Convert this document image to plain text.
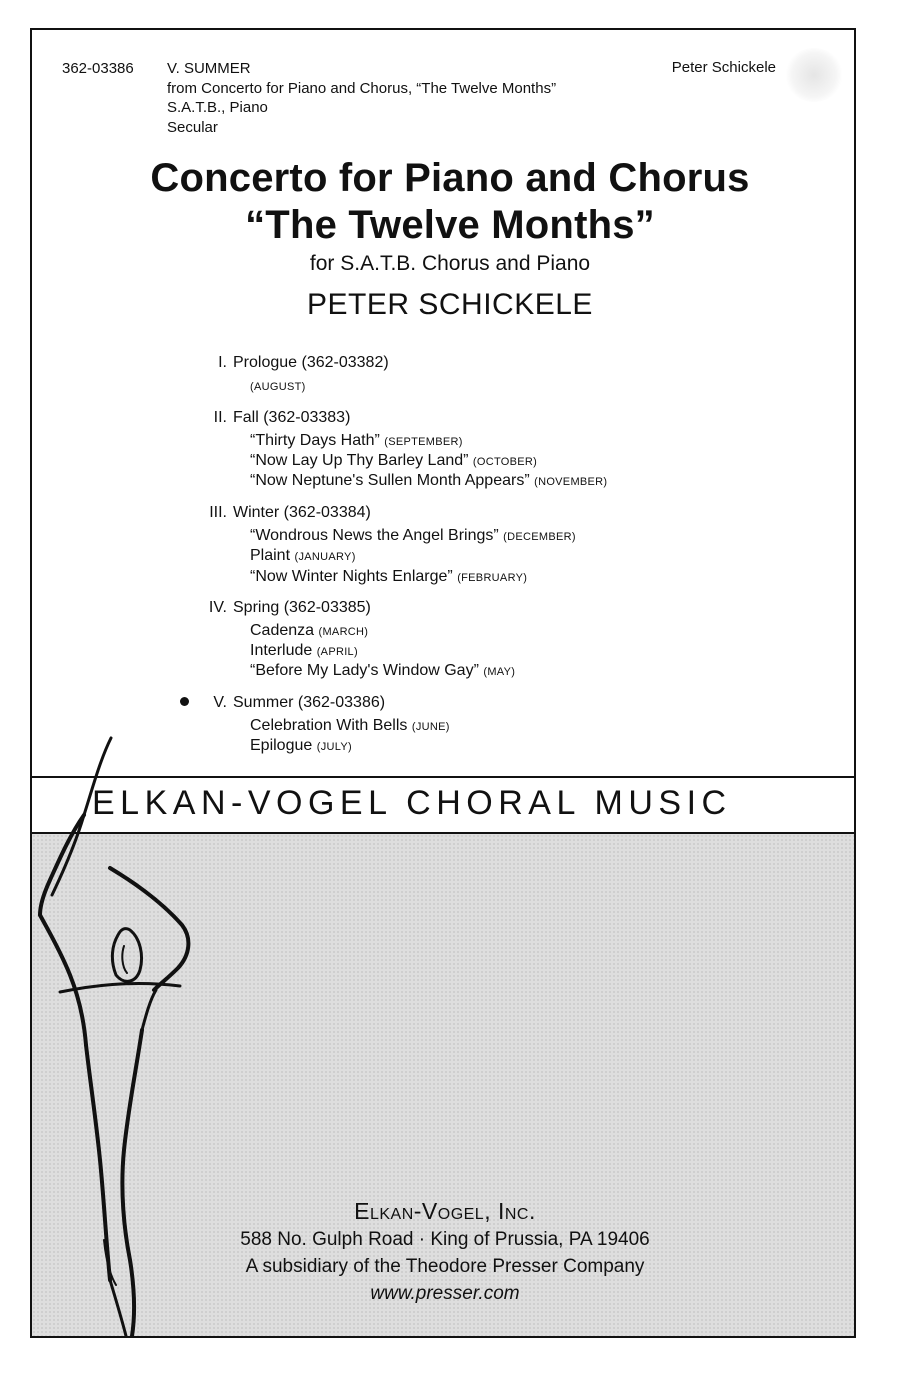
362-03386 V. SUMMER
from Concerto for Piano and Chorus, “The Twelve Months”
S.A.T.B., Piano
Secular
Peter Schickele
Concerto for Piano and Chorus
“The Twelve Months”
for S.A.T.B. Chorus and Piano
PETER SCHICKELE
I. Prologue (362-03382)
(AUGUST)
II. Fall (362-03383)
“Thirty Days Hath” (SEPTEMBER)
“Now Lay Up Thy Barley Land” (OCTOBER)
“Now Neptune's Sullen Month Appears” (NOVEMBER)
III. Winter (362-03384)
“Wondrous News the Angel Brings” (DECEMBER)
Plaint (JANUARY)
“Now Winter Nights Enlarge” (FEBRUARY)
IV. Spring (362-03385)
Cadenza (MARCH)
Interlude (APRIL)
“Before My Lady's Window Gay” (MAY)
V. Summer (362-03386)
Celebration With Bells (JUNE)
Epilogue (JULY)
ELKAN-VOGEL CHORAL MUSIC
Elkan-Vogel, Inc.
588 No. Gulph Road · King of Prussia, PA 19406
A subsidiary of the Theodore Presser Company
www.presser.com
